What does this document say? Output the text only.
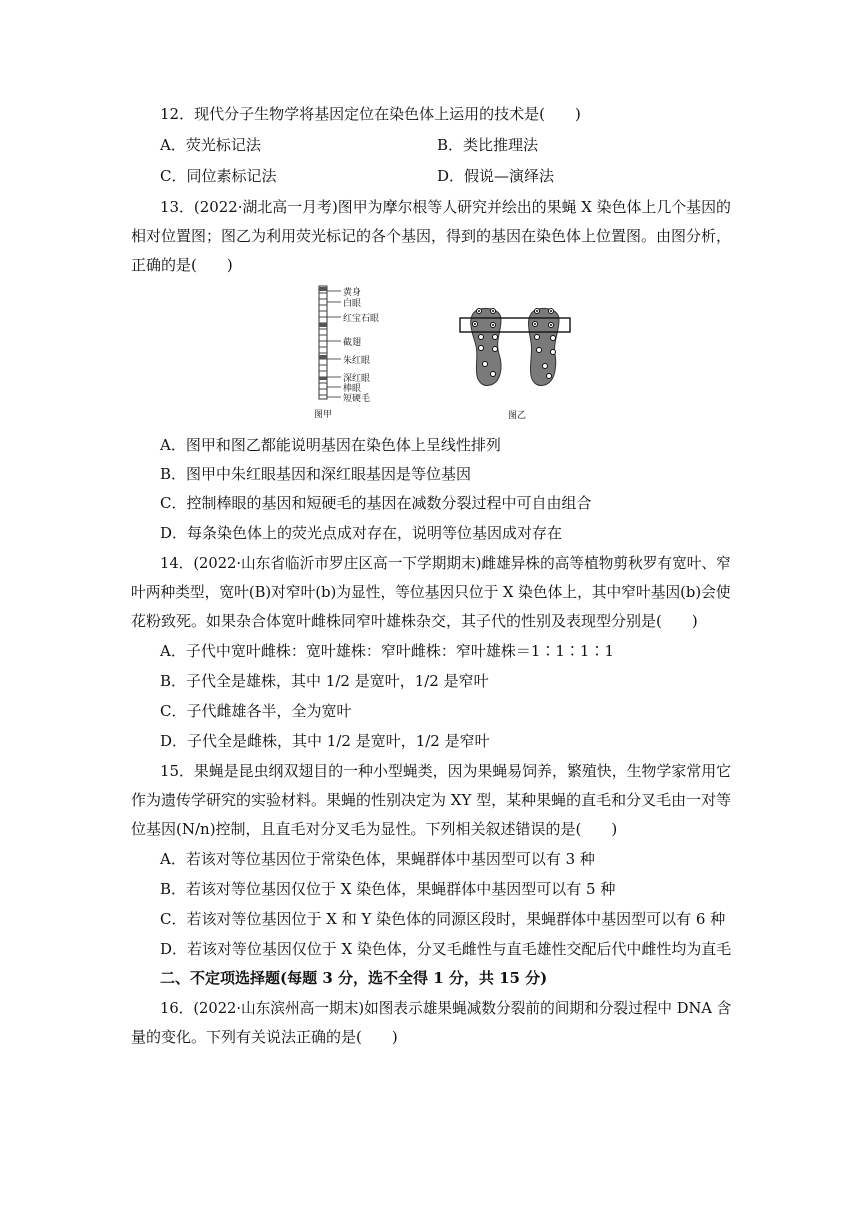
12．现代分子生物学将基因定位在染色体上运用的技术是(　　)
A．荧光标记法	B．类比推理法
C．同位素标记法	D．假说—演绎法
13．(2022·湖北高一月考)图甲为摩尔根等人研究并绘出的果蝇 X 染色体上几个基因的
相对位置图；图乙为利用荧光标记的各个基因，得到的基因在染色体上位置图。由图分析，
正确的是(　　)
黄身
白眼
红宝石眼
截翅
朱红眼
深红眼
棒眼
短硬毛
图甲	图乙
A．图甲和图乙都能说明基因在染色体上呈线性排列
B．图甲中朱红眼基因和深红眼基因是等位基因
C．控制棒眼的基因和短硬毛的基因在减数分裂过程中可自由组合
D．每条染色体上的荧光点成对存在，说明等位基因成对存在
14．(2022·山东省临沂市罗庄区高一下学期期末)雌雄异株的高等植物剪秋罗有宽叶、窄
叶两种类型，宽叶(B)对窄叶(b)为显性，等位基因只位于 X 染色体上，其中窄叶基因(b)会使
花粉致死。如果杂合体宽叶雌株同窄叶雄株杂交，其子代的性别及表现型分别是(　　)
A．子代中宽叶雌株：宽叶雄株：窄叶雌株：窄叶雄株＝1∶1∶1∶1
B．子代全是雄株，其中 1/2 是宽叶，1/2 是窄叶
C．子代雌雄各半，全为宽叶
D．子代全是雌株，其中 1/2 是宽叶，1/2 是窄叶
15．果蝇是昆虫纲双翅目的一种小型蝇类，因为果蝇易饲养，繁殖快，生物学家常用它
作为遗传学研究的实验材料。果蝇的性别决定为 XY 型，某种果蝇的直毛和分叉毛由一对等
位基因(N/n)控制，且直毛对分叉毛为显性。下列相关叙述错误的是(　　)
A．若该对等位基因位于常染色体，果蝇群体中基因型可以有 3 种
B．若该对等位基因仅位于 X 染色体，果蝇群体中基因型可以有 5 种
C．若该对等位基因位于 X 和 Y 染色体的同源区段时，果蝇群体中基因型可以有 6 种
D．若该对等位基因仅位于 X 染色体，分叉毛雌性与直毛雄性交配后代中雌性均为直毛
二、不定项选择题(每题 3 分，选不全得 1 分，共 15 分)
16．(2022·山东滨州高一期末)如图表示雄果蝇减数分裂前的间期和分裂过程中 DNA 含
量的变化。下列有关说法正确的是(　　)
